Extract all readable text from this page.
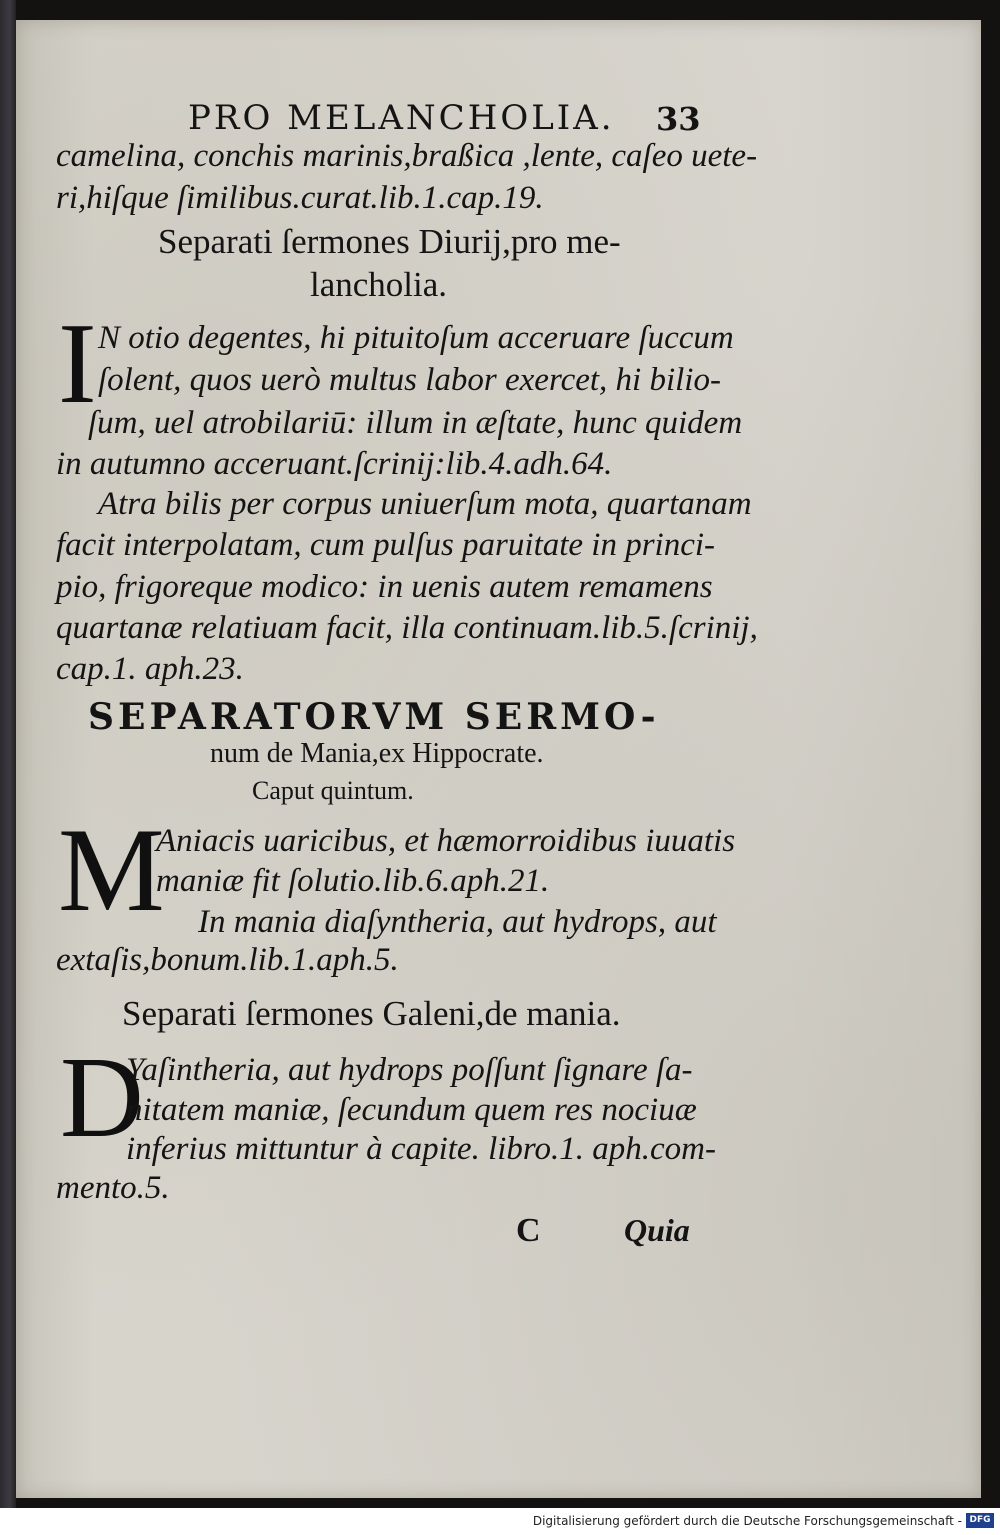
PRO MELANCHOLIA. 33
camelina, conchis marinis,braßica ,lente, caſeo uete-
ri,hiſque ſimilibus.curat.lib.1.cap.19.
Separati ſermones Diurij,pro me-
lancholia.
I N otio degentes, hi pituitoſum acceruare ſuccum
ſolent, quos uerò multus labor exercet, hi bilio-
ſum, uel atrobilariū: illum in æſtate, hunc quidem
in autumno acceruant.ſcrinij:lib.4.adh.64.
Atra bilis per corpus uniuerſum mota, quartanam
facit interpolatam, cum pulſus paruitate in princi-
pio, frigoreque modico: in uenis autem remamens
quartanæ relatiuam facit, illa continuam.lib.5.ſcrinij,
cap.1. aph.23.
SEPARATORVM SERMO-
num de Mania,ex Hippocrate.
Caput quintum.
M
Aniacis uaricibus, et hæmorroidibus iuuatis
maniæ fit ſolutio.lib.6.aph.21.
In mania diaſyntheria, aut hydrops, aut
extaſis,bonum.lib.1.aph.5.
Separati ſermones Galeni,de mania.
D
Yaſintheria, aut hydrops poſſunt ſignare ſa-
nitatem maniæ, ſecundum quem res nociuæ
inferius mittuntur à capite. libro.1. aph.com-
mento.5.
C	Quia
Digitalisierung gefördert durch die Deutsche Forschungsgemeinschaft - DFG
